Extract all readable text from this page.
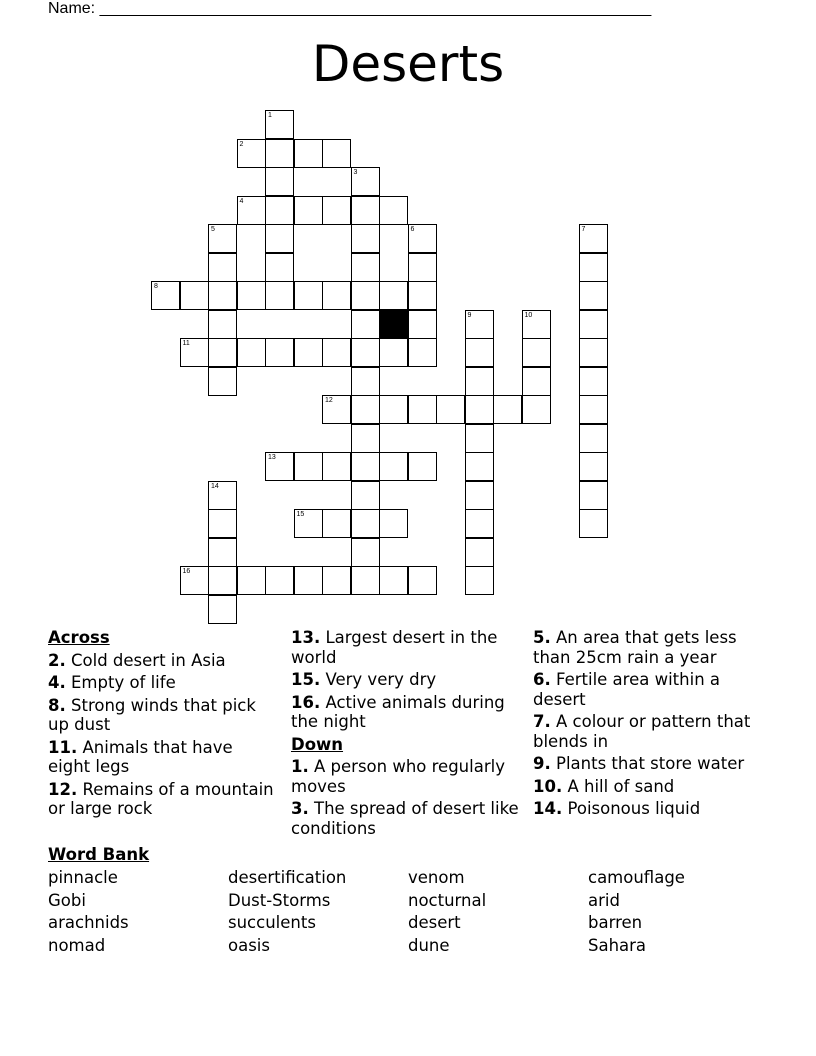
Name: ______________________________________________________________
Deserts
2
4
8
11
12
13
15
16
1
3
5	6	7
9	10
14
Across
2. Cold desert in Asia
4. Empty of life
8. Strong winds that pick up dust
11. Animals that have eight legs
12. Remains of a mountain or large rock
13. Largest desert in the world
15. Very very dry
16. Active animals during the night
Down
1. A person who regularly moves
3. The spread of desert like conditions
5. An area that gets less than 25cm rain a year
6. Fertile area within a desert
7. A colour or pattern that blends in
9. Plants that store water
10. A hill of sand
14. Poisonous liquid
Word Bank
pinnacle	desertification	venom	camouflage
Gobi	Dust-Storms	nocturnal	arid
arachnids	succulents	desert	barren
nomad	oasis	dune	Sahara
